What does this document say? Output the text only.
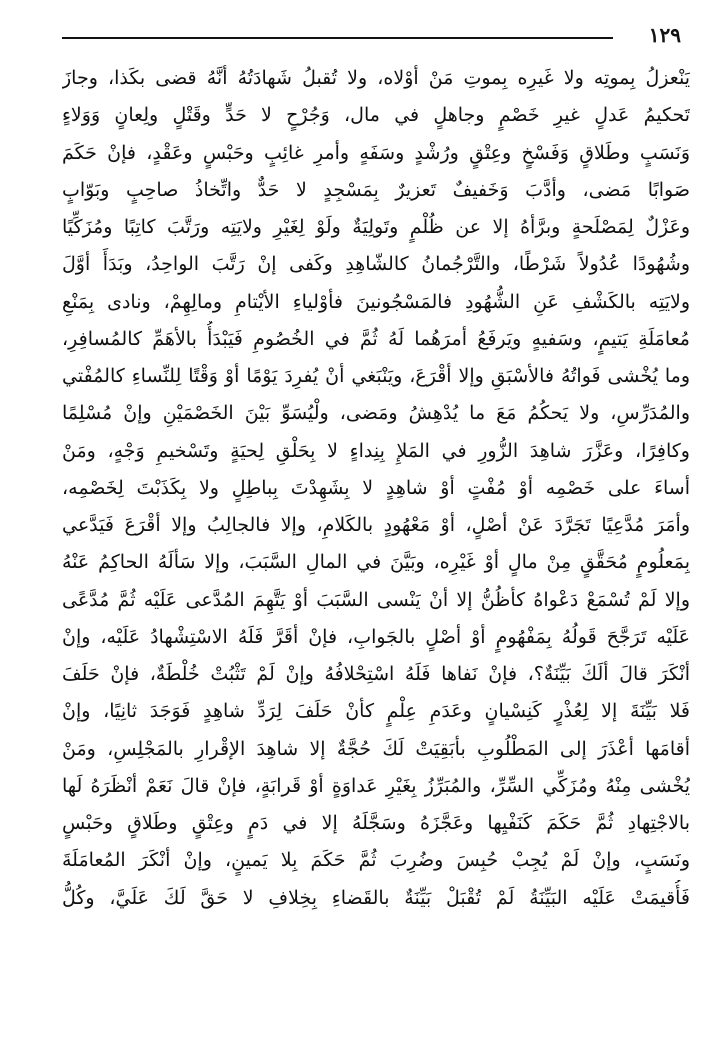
١٢٩
يَنْعزلُ بِموتِه ولا غَيرِه بِموتِ مَنْ أوْلاه، ولا تُقبلُ شَهادَتُهُ أنَّهُ قضى بكَذا، وجازَ
تَحكيمُ عَدلٍ غيرِ خَصْمٍ وجاهلٍ في مال، وَجُرْحٍ لا حَدٍّ وقَتْلٍ ولِعانٍ وَوَلاءٍ
وَنَسَبٍ وطَلاقٍ وَفَسْخٍ وعِتْقٍ ورُشْدٍ وسَفَهٍ وأمرِ غائِبٍ وحَبْسٍ وعَقْدٍ، فإنْ حَكَمَ
صَوابًا مَضى، وأدَّبَ وَخَفيفٌ تَعزيرٌ بِمَسْجِدٍ لا حَدٌّ واتِّخاذُ صاحِبٍ وبَوّابٍ
وعَزْلٌ لِمَصْلَحةٍ وبرَّأهُ إلا عن ظُلْمٍ وتَولِيَةٌ ولَوْ لِغَيْرِ ولايَتِه ورَتَّبَ كاتِبًا ومُزَكِّيًا
وشُهُودًا عُدُولاً شَرْطًا، والتَّرْجُمانُ كالشّاهِدِ وكَفى إنْ رَتَّبَ الواحِدُ، وبَدَأَ أوَّلَ
ولايَتِه بالكَشْفِ عَنِ الشُّهُودِ فالمَسْجُونينَ فأوْلياءِ الأيْتامِ ومالِهِمْ، ونادى بِمَنْعِ
مُعامَلَةِ يَتيمٍ، وسَفيهٍ ويَرفَعُ أمرَهُما لَهُ ثُمَّ في الخُصُومِ فَيَبْدَأُ بالأهَمِّ كالمُسافِرِ،
وما يُخْشى فَواتُهُ فالأسْبَقِ وإلا أقْرَعَ، ويَنْبَغي أنْ يُفرِدَ يَوْمًا أوْ وَقْتًا لِلنِّساءِ كالمُفْتي
والمُدَرِّسِ، ولا يَحكُمُ مَعَ ما يُدْهِشُ ومَضى، ولْيُسَوِّ بَيْنَ الخَصْمَيْنِ وإنْ مُسْلِمًا
وكافِرًا، وعَزَّرَ شاهِدَ الزُّورِ في المَلإِ بِنِداءٍ لا بِحَلْقِ لِحيَةٍ وتَسْخيمِ وَجْهٍ، ومَنْ
أساءَ على خَصْمِه أوْ مُفْتٍ أوْ شاهِدٍ لا بِشَهِدْتَ بِباطِلٍ ولا بِكَذَبْتَ لِخَصْمِه،
وأمَرَ مُدَّعِيًا تَجَرَّدَ عَنْ أصْلٍ، أوْ مَعْهُودٍ بالكَلامِ، وإلا فالجالِبُ وإلا أقْرَعَ فَيَدَّعي
بِمَعلُومٍ مُحَقَّقٍ مِنْ مالٍ أوْ غَيْرِه، وبَيَّنَ في المالِ السَّبَبَ، وإلا سَألَهُ الحاكِمُ عَنْهُ
وإلا لَمْ تُسْمَعْ دَعْواهُ كأظُنُّ إلا أنْ يَنْسى السَّبَبَ أوْ يَتَّهِمَ المُدَّعى عَلَيْه ثُمَّ مُدَّعًى
عَلَيْه تَرَجَّحَ قَولُهُ بِمَفْهُومٍ أوْ أصْلٍ بالجَوابِ، فإنْ أقَرَّ فَلَهُ الاسْتِشْهادُ عَلَيْه، وإنْ
أنْكَرَ قالَ ألَكَ بَيِّنَةٌ؟، فإنْ نَفاها فَلَهُ اسْتِحْلافُهُ وإنْ لَمْ تَثْبُتْ خُلْطَةٌ، فإنْ حَلَفَ
فَلا بَيِّنَةَ إلا لِعُذْرٍ كَنِسْيانٍ وعَدَمِ عِلْمٍ كأنْ حَلَفَ لِرَدِّ شاهِدٍ فَوَجَدَ ثانِيًا، وإنْ
أقامَها أعْذَرَ إلى المَطْلُوبِ بأبَقِيَتْ لَكَ حُجَّةٌ إلا شاهِدَ الإقْرارِ بالمَجْلِسِ، ومَنْ
يُخْشى مِنْهُ ومُزَكِّي السِّرِّ، والمُبَرِّزُ بِغَيْرِ عَداوَةٍ أوْ قَرابَةٍ، فإنْ قالَ نَعَمْ أنْظَرَهُ لَها
بالاجْتِهادِ ثُمَّ حَكَمَ كَنَفْيِها وعَجَّزَهُ وسَجَّلَهُ إلا في دَمٍ وعِتْقٍ وطَلاقٍ وحَبْسٍ
ونَسَبٍ، وإنْ لَمْ يُجِبْ حُبِسَ وضُرِبَ ثُمَّ حَكَمَ بِلا يَمينٍ، وإنْ أنْكَرَ المُعامَلَةَ
فَأُقيمَتْ عَلَيْه البَيِّنَةُ لَمْ تُقْبَلْ بَيِّنَةٌ بالقَضاءِ بِخِلافِ لا حَقَّ لَكَ عَلَيَّ، وكُلُّ
